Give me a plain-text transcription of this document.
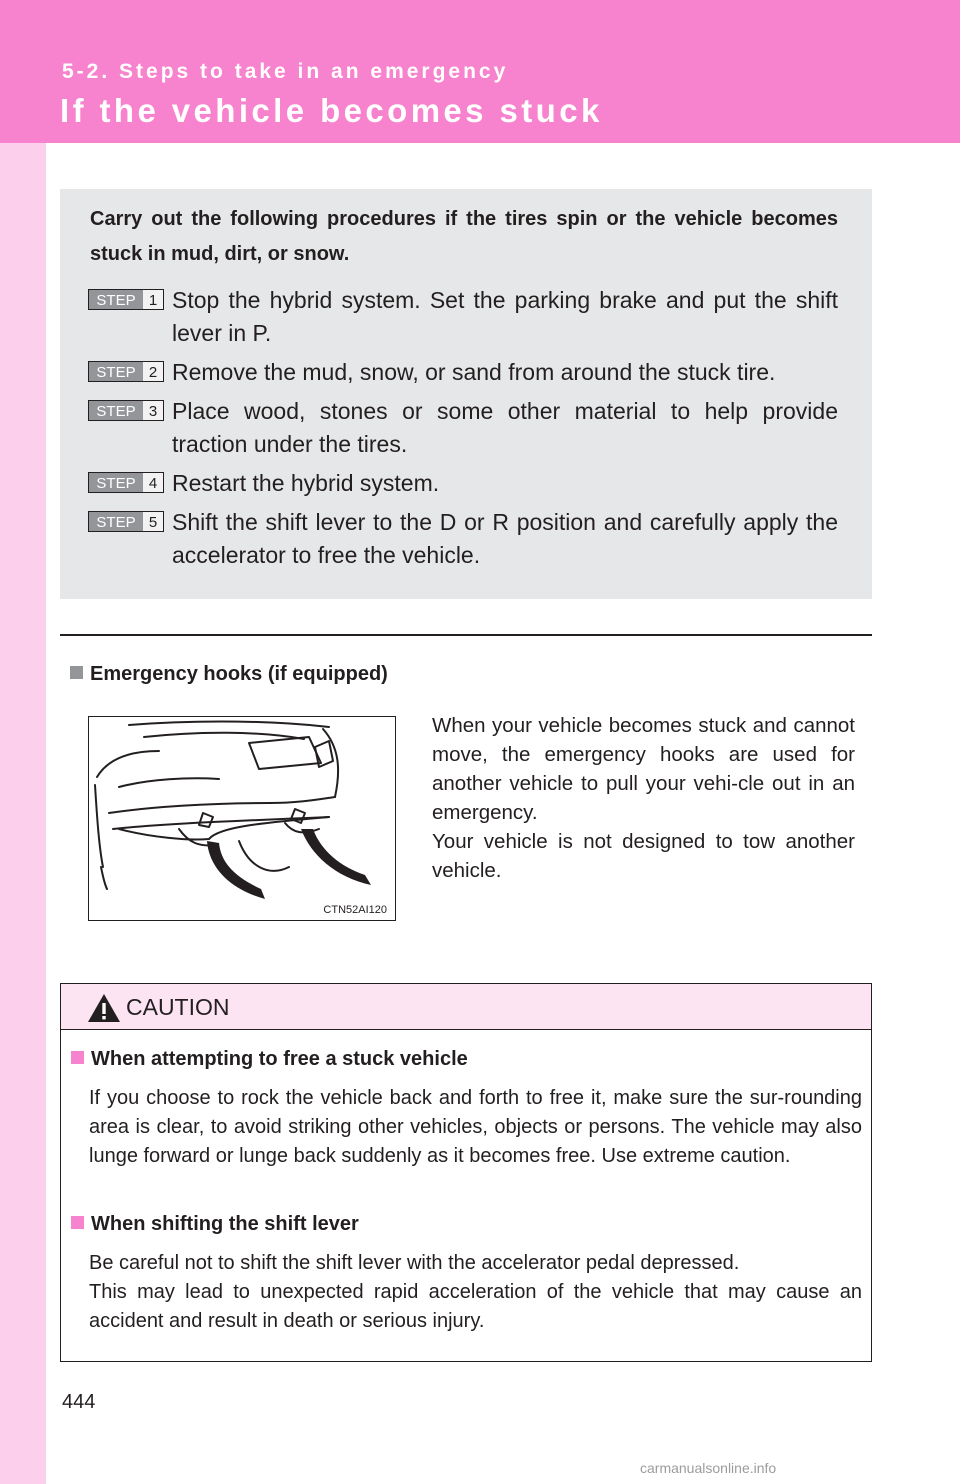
5-2. Steps to take in an emergency
If the vehicle becomes stuck
Carry out the following procedures if the tires spin or the vehicle becomes stuck in mud, dirt, or snow.
STEP 1 Stop the hybrid system. Set the parking brake and put the shift lever in P.
STEP 2 Remove the mud, snow, or sand from around the stuck tire.
STEP 3 Place wood, stones or some other material to help provide traction under the tires.
STEP 4 Restart the hybrid system.
STEP 5 Shift the shift lever to the D or R position and carefully apply the accelerator to free the vehicle.
Emergency hooks (if equipped)
CTN52AI120
When your vehicle becomes stuck and cannot move, the emergency hooks are used for another vehicle to pull your vehi-cle out in an emergency.
Your vehicle is not designed to tow another vehicle.
CAUTION
When attempting to free a stuck vehicle
If you choose to rock the vehicle back and forth to free it, make sure the sur-rounding area is clear, to avoid striking other vehicles, objects or persons. The vehicle may also lunge forward or lunge back suddenly as it becomes free. Use extreme caution.
When shifting the shift lever
Be careful not to shift the shift lever with the accelerator pedal depressed.
This may lead to unexpected rapid acceleration of the vehicle that may cause an accident and result in death or serious injury.
444
carmanualsonline.info
